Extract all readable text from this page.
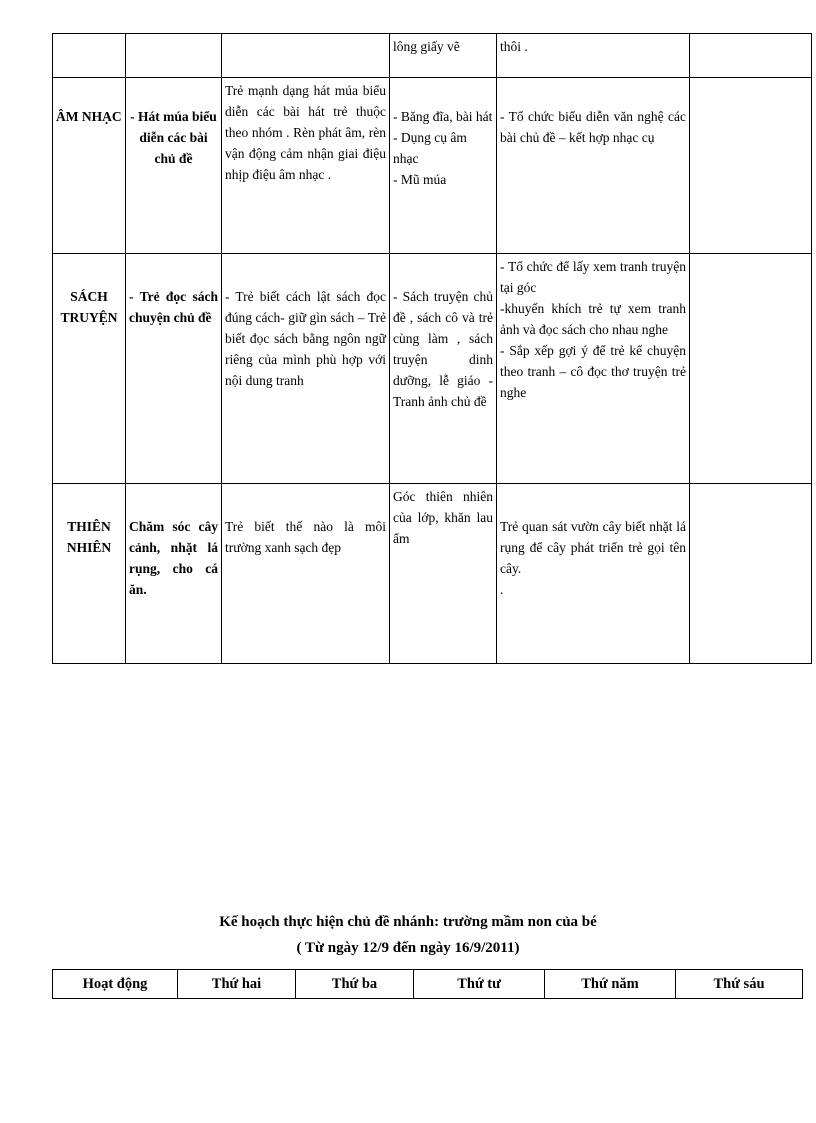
			lông giấy vẽ	thôi .	
ÂM NHẠC	- Hát múa biểu diễn các bài chủ đề	Trẻ mạnh dạng hát múa biểu diễn các bài hát trẻ thuộc theo nhóm . Rèn phát âm, rèn vận động cảm nhận giai điệu nhịp điệu âm nhạc .	- Băng đĩa, bài hát
- Dụng cụ âm nhạc
- Mũ múa	- Tổ chức biểu diễn văn nghệ các bài chủ đề – kết hợp nhạc cụ	

SÁCH TRUYỆN	- Trẻ đọc sách chuyện chủ đề	- Trẻ biết cách lật sách đọc đúng cách- giữ gìn sách – Trẻ biết đọc sách bằng ngôn ngữ riêng của mình phù hợp với nội dung tranh	- Sách truyện chủ đề , sách cô và trẻ cùng làm , sách truyện dinh dưỡng, lễ giáo - Tranh ảnh chủ đề	- Tổ chức để lấy xem tranh truyện tại góc
-khuyến khích trẻ tự xem tranh ảnh và đọc sách cho nhau nghe
- Sắp xếp gợi ý để trẻ kể chuyện theo tranh – cô đọc thơ truyện trẻ nghe	

THIÊN NHIÊN	Chăm sóc cây cảnh, nhặt lá rụng, cho cá ăn.	Trẻ biết thế nào là môi trường xanh sạch đẹp	Góc thiên nhiên của lớp, khăn lau ẩm	Trẻ quan sát vườn cây biết nhặt lá rụng để cây phát triển trẻ gọi tên cây.
.	

Kế hoạch thực hiện chủ đề nhánh: trường mầm non của bé
( Từ ngày 12/9 đến ngày 16/9/2011)
Hoạt động	Thứ hai	Thứ ba	Thứ tư	Thứ năm	Thứ sáu
